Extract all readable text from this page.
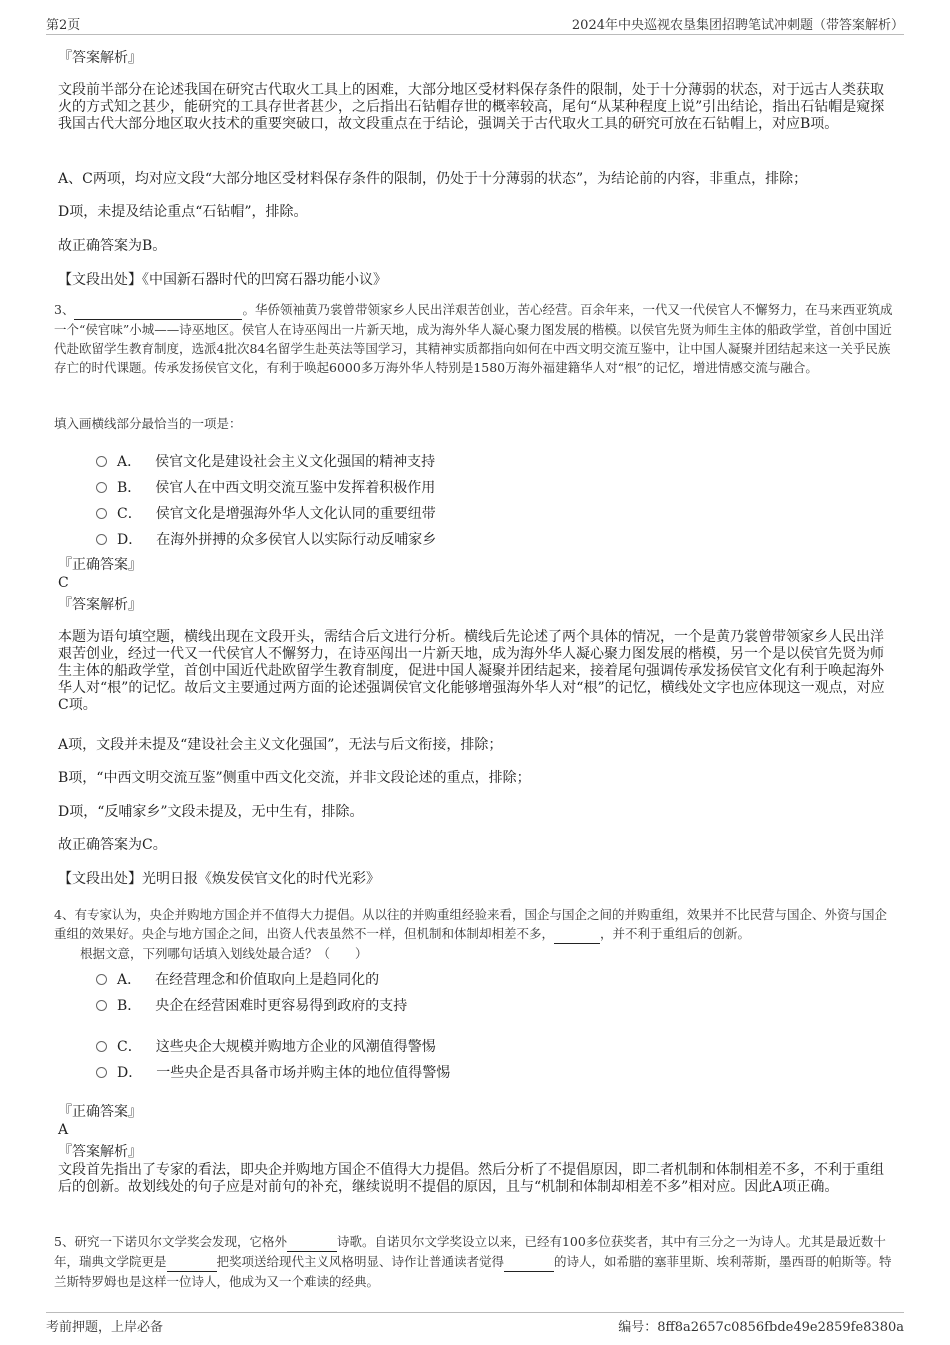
第2页	2024年中央巡视农垦集团招聘笔试冲刺题（带答案解析）

『答案解析』

文段前半部分在论述我国在研究古代取火工具上的困难，大部分地区受材料保存条件的限制，处于十分薄弱的状态，对于远古人类获取火的方式知之甚少，能研究的工具存世者甚少，之后指出石钻帽存世的概率较高，尾句“从某种程度上说”引出结论，指出石钻帽是窥探我国古代大部分地区取火技术的重要突破口，故文段重点在于结论，强调关于古代取火工具的研究可放在石钻帽上，对应B项。

A、C两项，均对应文段“大部分地区受材料保存条件的限制，仍处于十分薄弱的状态”，为结论前的内容，非重点，排除；

D项，未提及结论重点“石钻帽”，排除。

故正确答案为B。

【文段出处】《中国新石器时代的凹窝石器功能小议》

3、	。华侨领袖黄乃裳曾带领家乡人民出洋艰苦创业，苦心经营。百余年来，一代又一代侯官人不懈努力，在马来西亚筑成一个“侯官味”小城——诗巫地区。侯官人在诗巫闯出一片新天地，成为海外华人凝心聚力图发展的楷模。以侯官先贤为师生主体的船政学堂，首创中国近代赴欧留学生教育制度，选派4批次84名留学生赴英法等国学习，其精神实质都指向如何在中西文明交流互鉴中，让中国人凝聚并团结起来这一关乎民族存亡的时代课题。传承发扬侯官文化，有利于唤起6000多万海外华人特别是1580万海外福建籍华人对“根”的记忆，增进情感交流与融合。

填入画横线部分最恰当的一项是：

A． 侯官文化是建设社会主义文化强国的精神支持
B． 侯官人在中西文明交流互鉴中发挥着积极作用
C． 侯官文化是增强海外华人文化认同的重要纽带
D． 在海外拼搏的众多侯官人以实际行动反哺家乡

『正确答案』

C

『答案解析』

本题为语句填空题，横线出现在文段开头，需结合后文进行分析。横线后先论述了两个具体的情况，一个是黄乃裳曾带领家乡人民出洋艰苦创业，经过一代又一代侯官人不懈努力，在诗巫闯出一片新天地，成为海外华人凝心聚力图发展的楷模，另一个是以侯官先贤为师生主体的船政学堂，首创中国近代赴欧留学生教育制度，促进中国人凝聚并团结起来，接着尾句强调传承发扬侯官文化有利于唤起海外华人对“根”的记忆。故后文主要通过两方面的论述强调侯官文化能够增强海外华人对“根”的记忆，横线处文字也应体现这一观点，对应C项。

A项，文段并未提及“建设社会主义文化强国”，无法与后文衔接，排除；

B项，“中西文明交流互鉴”侧重中西文化交流，并非文段论述的重点，排除；

D项，“反哺家乡”文段未提及，无中生有，排除。

故正确答案为C。

【文段出处】光明日报《焕发侯官文化的时代光彩》

4、有专家认为，央企并购地方国企并不值得大力提倡。从以往的并购重组经验来看，国企与国企之间的并购重组，效果并不比民营与国企、外资与国企重组的效果好。央企与地方国企之间，出资人代表虽然不一样，但机制和体制却相差不多，	，并不利于重组后的创新。

根据文意，下列哪句话填入划线处最合适？（　　）

A． 在经营理念和价值取向上是趋同化的
B． 央企在经营困难时更容易得到政府的支持
C． 这些央企大规模并购地方企业的风潮值得警惕
D． 一些央企是否具备市场并购主体的地位值得警惕

『正确答案』

A

『答案解析』

文段首先指出了专家的看法，即央企并购地方国企不值得大力提倡。然后分析了不提倡原因，即二者机制和体制相差不多，不利于重组后的创新。故划线处的句子应是对前句的补充，继续说明不提倡的原因，且与“机制和体制却相差不多”相对应。因此A项正确。

5、研究一下诺贝尔文学奖会发现，它格外	诗歌。自诺贝尔文学奖设立以来，已经有100多位获奖者，其中有三分之一为诗人。尤其是最近数十年，瑞典文学院更是	把奖项送给现代主义风格明显、诗作让普通读者觉得	的诗人，如希腊的塞菲里斯、埃利蒂斯，墨西哥的帕斯等。特兰斯特罗姆也是这样一位诗人，他成为又一个难读的经典。

考前押题，上岸必备	编号：8ff8a2657c0856fbde49e2859fe8380a
